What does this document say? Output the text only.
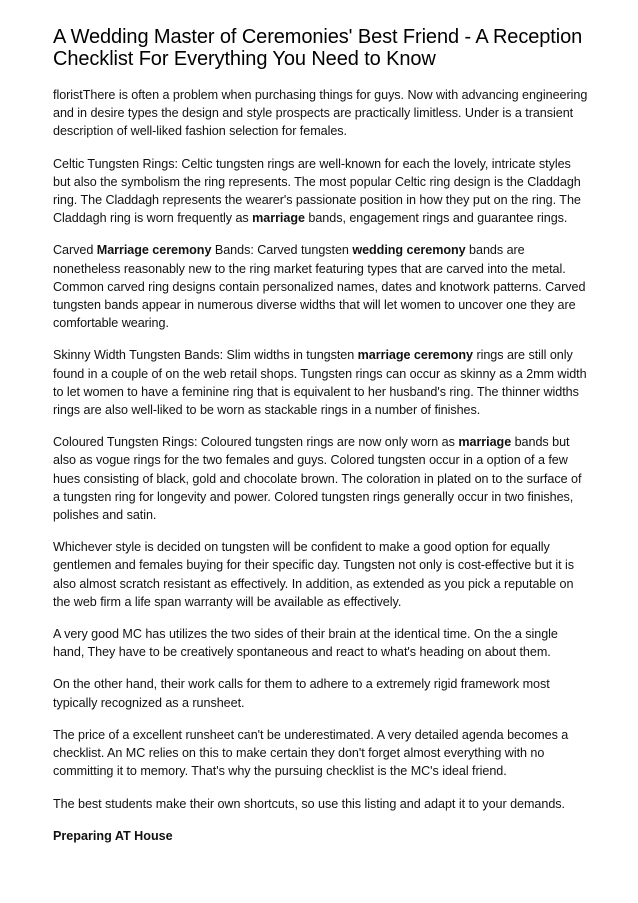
A Wedding Master of Ceremonies' Best Friend - A Reception Checklist For Everything You Need to Know

floristThere is often a problem when purchasing things for guys. Now with advancing engineering and in desire types the design and style prospects are practically limitless. Under is a transient description of well-liked fashion selection for females.

Celtic Tungsten Rings: Celtic tungsten rings are well-known for each the lovely, intricate styles but also the symbolism the ring represents. The most popular Celtic ring design is the Claddagh ring. The Claddagh represents the wearer's passionate position in how they put on the ring. The Claddagh ring is worn frequently as marriage bands, engagement rings and guarantee rings.

Carved Marriage ceremony Bands: Carved tungsten wedding ceremony bands are nonetheless reasonably new to the ring market featuring types that are carved into the metal. Common carved ring designs contain personalized names, dates and knotwork patterns. Carved tungsten bands appear in numerous diverse widths that will let women to uncover one they are comfortable wearing.

Skinny Width Tungsten Bands: Slim widths in tungsten marriage ceremony rings are still only found in a couple of on the web retail shops. Tungsten rings can occur as skinny as a 2mm width to let women to have a feminine ring that is equivalent to her husband's ring. The thinner widths rings are also well-liked to be worn as stackable rings in a number of finishes.

Coloured Tungsten Rings: Coloured tungsten rings are now only worn as marriage bands but also as vogue rings for the two females and guys. Colored tungsten occur in a option of a few hues consisting of black, gold and chocolate brown. The coloration in plated on to the surface of a tungsten ring for longevity and power. Colored tungsten rings generally occur in two finishes, polishes and satin.

Whichever style is decided on tungsten will be confident to make a good option for equally gentlemen and females buying for their specific day. Tungsten not only is cost-effective but it is also almost scratch resistant as effectively. In addition, as extended as you pick a reputable on the web firm a life span warranty will be available as effectively.

A very good MC has utilizes the two sides of their brain at the identical time. On the a single hand, They have to be creatively spontaneous and react to what's heading on about them.

On the other hand, their work calls for them to adhere to a extremely rigid framework most typically recognized as a runsheet.

The price of a excellent runsheet can't be underestimated. A very detailed agenda becomes a checklist. An MC relies on this to make certain they don't forget almost everything with no committing it to memory. That's why the pursuing checklist is the MC's ideal friend.

The best students make their own shortcuts, so use this listing and adapt it to your demands.

Preparing AT House
